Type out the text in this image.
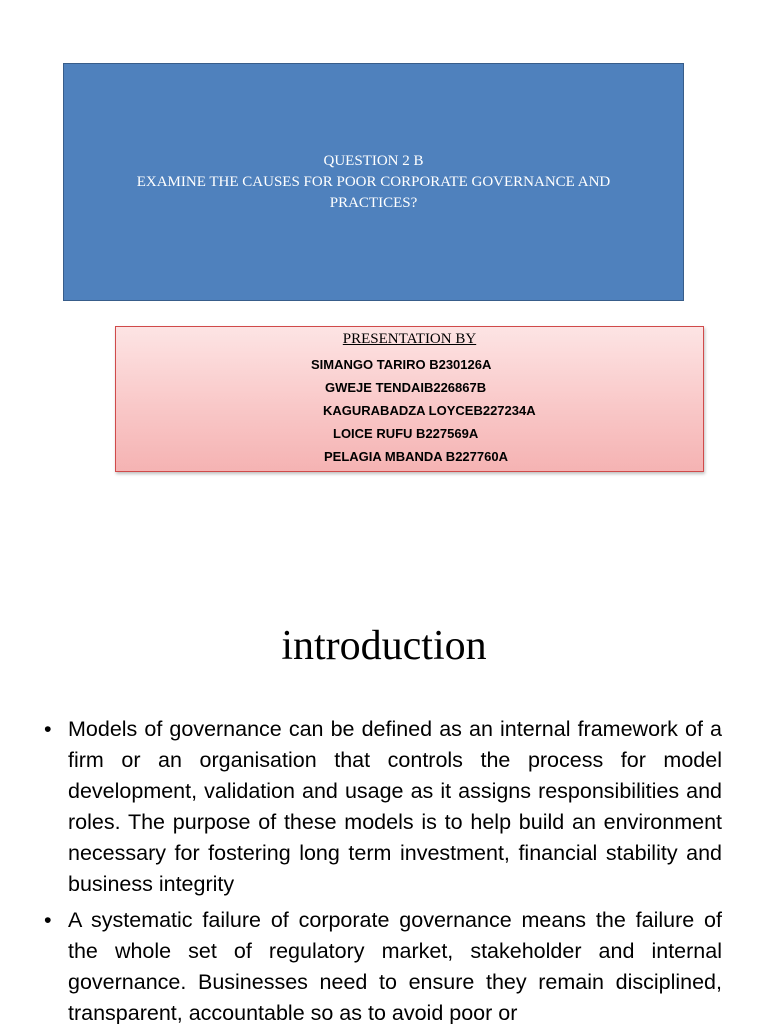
QUESTION 2 B
EXAMINE THE CAUSES FOR POOR CORPORATE GOVERNANCE AND PRACTICES?
PRESENTATION BY
SIMANGO TARIRO B230126A
GWEJE TENDAIB226867B
KAGURABADZA LOYCEB227234A
LOICE RUFU B227569A
PELAGIA MBANDA B227760A
introduction
• Models of governance can be defined as an internal framework of a firm or an organisation that controls the process for model development, validation and usage as it assigns responsibilities and roles. The purpose of these models is to help build an environment necessary for fostering long term investment, financial stability and business integrity
• A systematic failure of corporate governance means the failure of the whole set of regulatory market, stakeholder and internal governance. Businesses need to ensure they remain disciplined, transparent, accountable so as to avoid poor or
